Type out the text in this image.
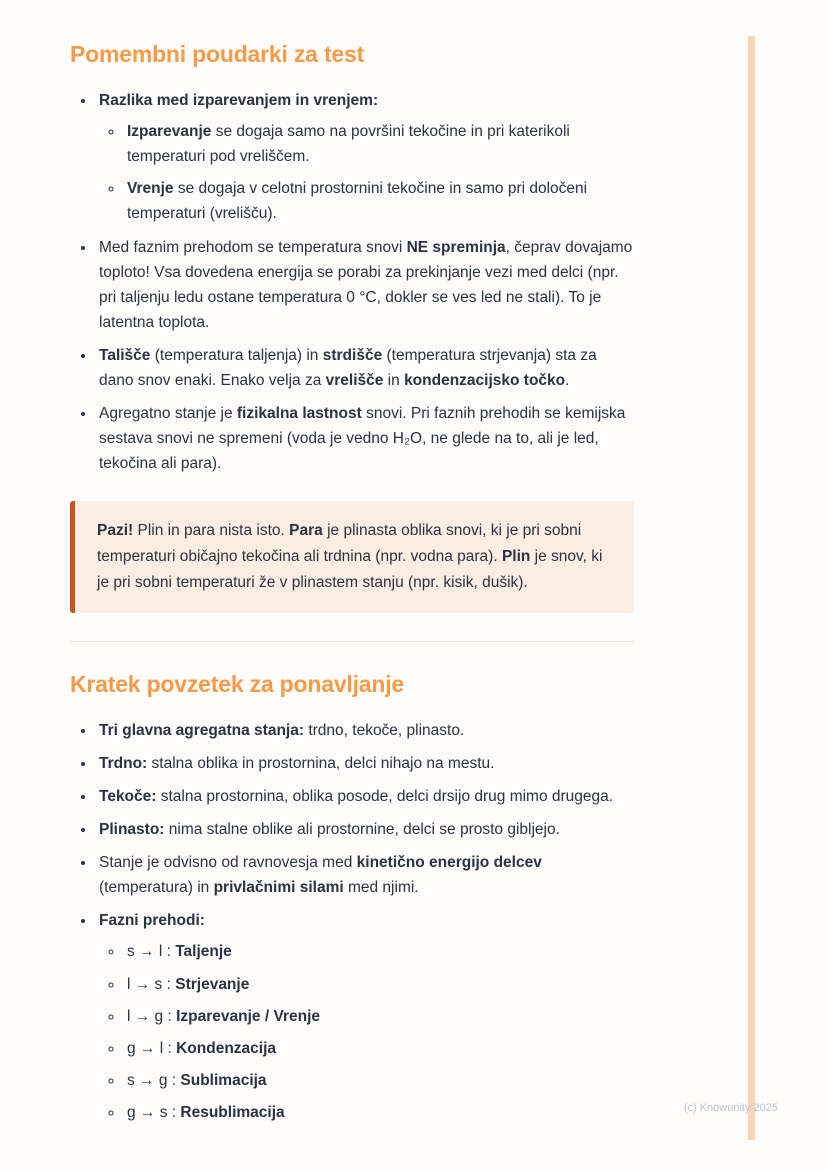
Pomembni poudarki za test
• Razlika med izparevanjem in vrenjem:
◦ Izparevanje se dogaja samo na površini tekočine in pri katerikoli temperaturi pod vreliščem.
◦ Vrenje se dogaja v celotni prostornini tekočine in samo pri določeni temperaturi (vrelišču).
• Med faznim prehodom se temperatura snovi NE spreminja, čeprav dovajamo toploto! Vsa dovedena energija se porabi za prekinjanje vezi med delci (npr. pri taljenju ledu ostane temperatura 0 °C, dokler se ves led ne stali). To je latentna toplota.
• Tališče (temperatura taljenja) in strdišče (temperatura strjevanja) sta za dano snov enaki. Enako velja za vrelišče in kondenzacijsko točko.
• Agregatno stanje je fizikalna lastnost snovi. Pri faznih prehodih se kemijska sestava snovi ne spremeni (voda je vedno H₂O, ne glede na to, ali je led, tekočina ali para).

Pazi! Plin in para nista isto. Para je plinasta oblika snovi, ki je pri sobni temperaturi običajno tekočina ali trdnina (npr. vodna para). Plin je snov, ki je pri sobni temperaturi že v plinastem stanju (npr. kisik, dušik).

Kratek povzetek za ponavljanje
• Tri glavna agregatna stanja: trdno, tekoče, plinasto.
• Trdno: stalna oblika in prostornina, delci nihajo na mestu.
• Tekoče: stalna prostornina, oblika posode, delci drsijo drug mimo drugega.
• Plinasto: nima stalne oblike ali prostornine, delci se prosto gibljejo.
• Stanje je odvisno od ravnovesja med kinetično energijo delcev (temperatura) in privlačnimi silami med njimi.
• Fazni prehodi:
◦ s → l : Taljenje
◦ l → s : Strjevanje
◦ l → g : Izparevanje / Vrenje
◦ g → l : Kondenzacija
◦ s → g : Sublimacija
◦ g → s : Resublimacija	(c) Knowunity 2025
